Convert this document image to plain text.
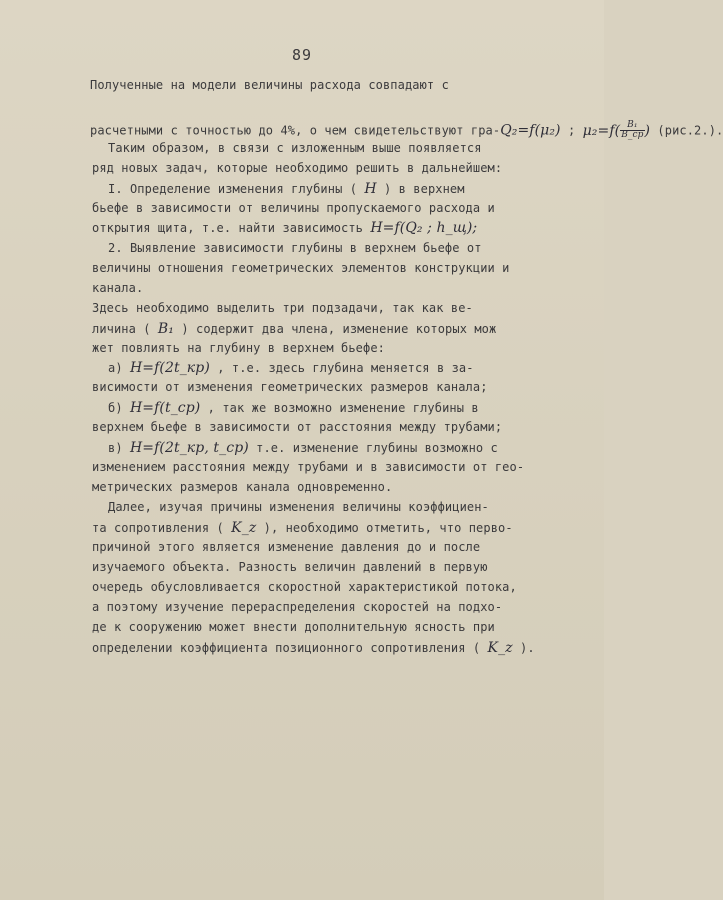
89
Полученные на модели величины расхода совпадают с
расчетными с точностью до 4%, о чем свидетельствуют гра-Q₂=f(μ₂) ; $\mu_2=f( \frac{\text{B₁}}{B\_cp}$ ) (рис.2.).
Таким образом, в связи с изложенным выше появляется
ряд новых задач, которые необходимо решить в дальнейшем:
I. Определение изменения глубины ( H ) в верхнем
бьефе в зависимости от величины пропускаемого расхода и
открытия щита, т.е. найти зависимость H=f(Q₂ ; h_щ);
2. Выявление зависимости глубины в верхнем бьефе от
величины отношения геометрических элементов конструкции и
канала.
Здесь необходимо выделить три подзадачи, так как ве-
личина ( B₁ ) содержит два члена, изменение которых мож
жет повлиять на глубину в верхнем бьефе:
а) H=f(2t_кр) , т.е. здесь глубина меняется в за-
висимости от изменения геометрических размеров канала;
б) H=f(t_cp) , так же возможно изменение глубины в
верхнем бьефе в зависимости от расстояния между трубами;
в) H=f(2t_кр, t_cp) т.е. изменение глубины возможно с
изменением расстояния между трубами и в зависимости от гео-
метрических размеров канала одновременно.
Далее, изучая причины изменения величины коэффициен-
та сопротивления ( K_z ), необходимо отметить, что перво-
причиной этого является изменение давления до и после
изучаемого объекта. Разность величин давлений в первую
очередь обусловливается скоростной характеристикой потока,
а поэтому изучение перераспределения скоростей на подхо-
де к сооружению может внести дополнительную ясность при
определении коэффициента позиционного сопротивления ( K_z ).
